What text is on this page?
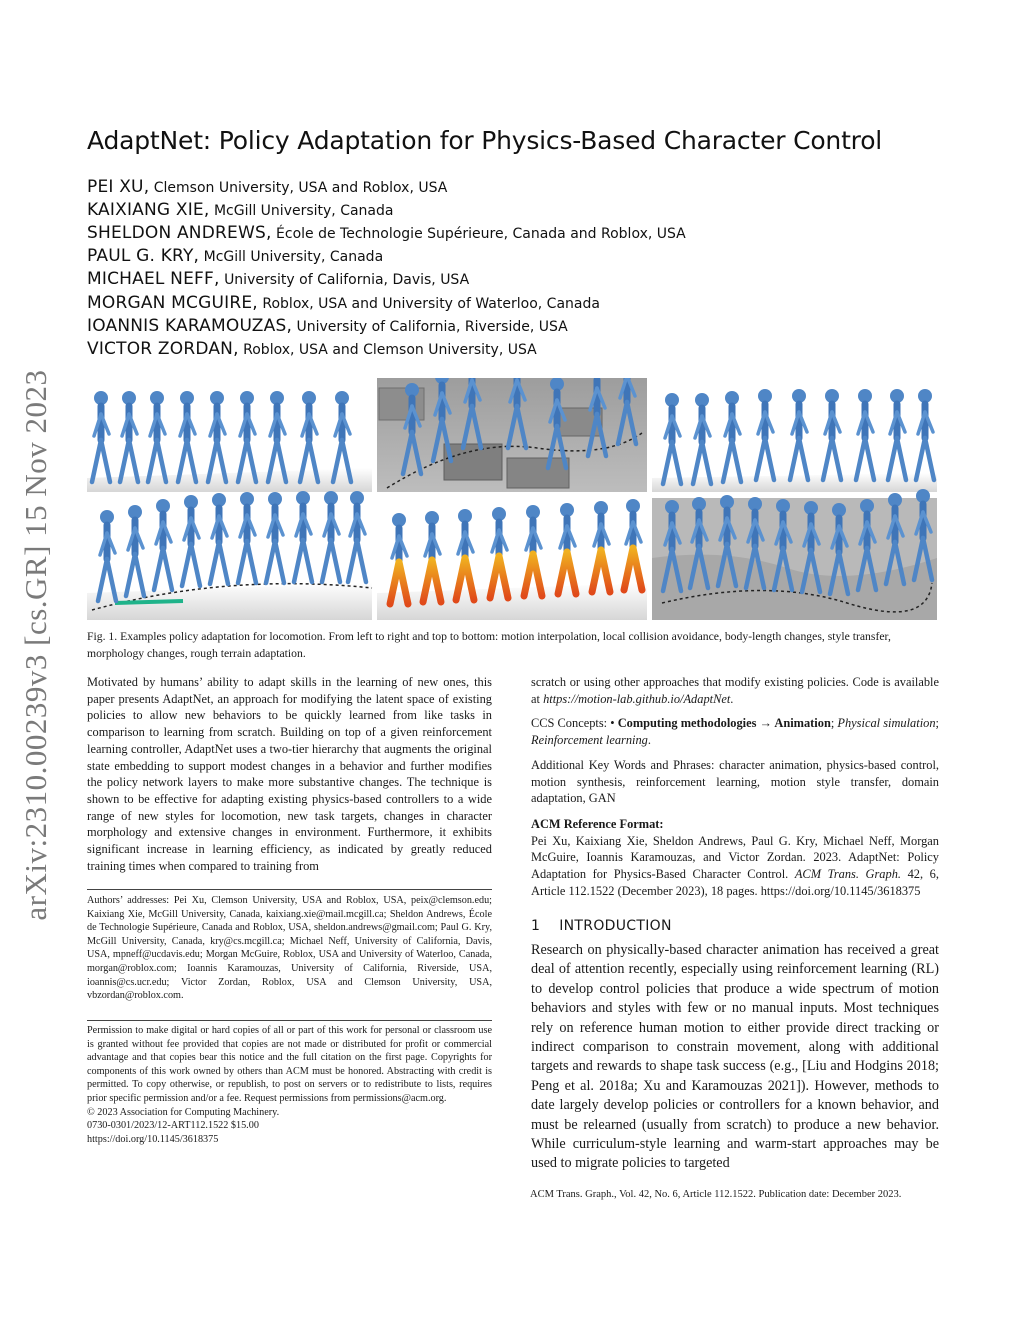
arXiv:2310.00239v3 [cs.GR] 15 Nov 2023
AdaptNet: Policy Adaptation for Physics-Based Character Control
PEI XU, Clemson University, USA and Roblox, USA
KAIXIANG XIE, McGill University, Canada
SHELDON ANDREWS, École de Technologie Supérieure, Canada and Roblox, USA
PAUL G. KRY, McGill University, Canada
MICHAEL NEFF, University of California, Davis, USA
MORGAN MCGUIRE, Roblox, USA and University of Waterloo, Canada
IOANNIS KARAMOUZAS, University of California, Riverside, USA
VICTOR ZORDAN, Roblox, USA and Clemson University, USA
Fig. 1. Examples policy adaptation for locomotion. From left to right and top to bottom: motion interpolation, local collision avoidance, body-length changes, style transfer, morphology changes, rough terrain adaptation.
Motivated by humans’ ability to adapt skills in the learning of new ones, this paper presents AdaptNet, an approach for modifying the latent space of existing policies to allow new behaviors to be quickly learned from like tasks in comparison to learning from scratch. Building on top of a given reinforcement learning controller, AdaptNet uses a two-tier hierarchy that augments the original state embedding to support modest changes in a behavior and further modifies the policy network layers to make more substantive changes. The technique is shown to be effective for adapting existing physics-based controllers to a wide range of new styles for locomotion, new task targets, changes in character morphology and extensive changes in environment. Furthermore, it exhibits significant increase in learning efficiency, as indicated by greatly reduced training times when compared to training from
Authors’ addresses: Pei Xu, Clemson University, USA and Roblox, USA, peix@clemson.edu; Kaixiang Xie, McGill University, Canada, kaixiang.xie@mail.mcgill.ca; Sheldon Andrews, École de Technologie Supérieure, Canada and Roblox, USA, sheldon.andrews@gmail.com; Paul G. Kry, McGill University, Canada, kry@cs.mcgill.ca; Michael Neff, University of California, Davis, USA, mpneff@ucdavis.edu; Morgan McGuire, Roblox, USA and University of Waterloo, Canada, morgan@roblox.com; Ioannis Karamouzas, University of California, Riverside, USA, ioannis@cs.ucr.edu; Victor Zordan, Roblox, USA and Clemson University, USA, vbzordan@roblox.com.
Permission to make digital or hard copies of all or part of this work for personal or classroom use is granted without fee provided that copies are not made or distributed for profit or commercial advantage and that copies bear this notice and the full citation on the first page. Copyrights for components of this work owned by others than ACM must be honored. Abstracting with credit is permitted. To copy otherwise, or republish, to post on servers or to redistribute to lists, requires prior specific permission and/or a fee. Request permissions from permissions@acm.org.
© 2023 Association for Computing Machinery.
0730-0301/2023/12-ART112.1522 $15.00
https://doi.org/10.1145/3618375
scratch or using other approaches that modify existing policies. Code is available at https://motion-lab.github.io/AdaptNet.
CCS Concepts: • Computing methodologies → Animation; Physical simulation; Reinforcement learning.
Additional Key Words and Phrases: character animation, physics-based control, motion synthesis, reinforcement learning, motion style transfer, domain adaptation, GAN
ACM Reference Format:
Pei Xu, Kaixiang Xie, Sheldon Andrews, Paul G. Kry, Michael Neff, Morgan McGuire, Ioannis Karamouzas, and Victor Zordan. 2023. AdaptNet: Policy Adaptation for Physics-Based Character Control. ACM Trans. Graph. 42, 6, Article 112.1522 (December 2023), 18 pages. https://doi.org/10.1145/3618375
1 INTRODUCTION
Research on physically-based character animation has received a great deal of attention recently, especially using reinforcement learning (RL) to develop control policies that produce a wide spectrum of motion behaviors and styles with few or no manual inputs. Most techniques rely on reference human motion to either provide direct tracking or indirect comparison to constrain movement, along with additional targets and rewards to shape task success (e.g., [Liu and Hodgins 2018; Peng et al. 2018a; Xu and Karamouzas 2021]). However, methods to date largely develop policies or controllers for a known behavior, and must be relearned (usually from scratch) to produce a new behavior. While curriculum-style learning and warm-start approaches may be used to migrate policies to targeted
ACM Trans. Graph., Vol. 42, No. 6, Article 112.1522. Publication date: December 2023.
